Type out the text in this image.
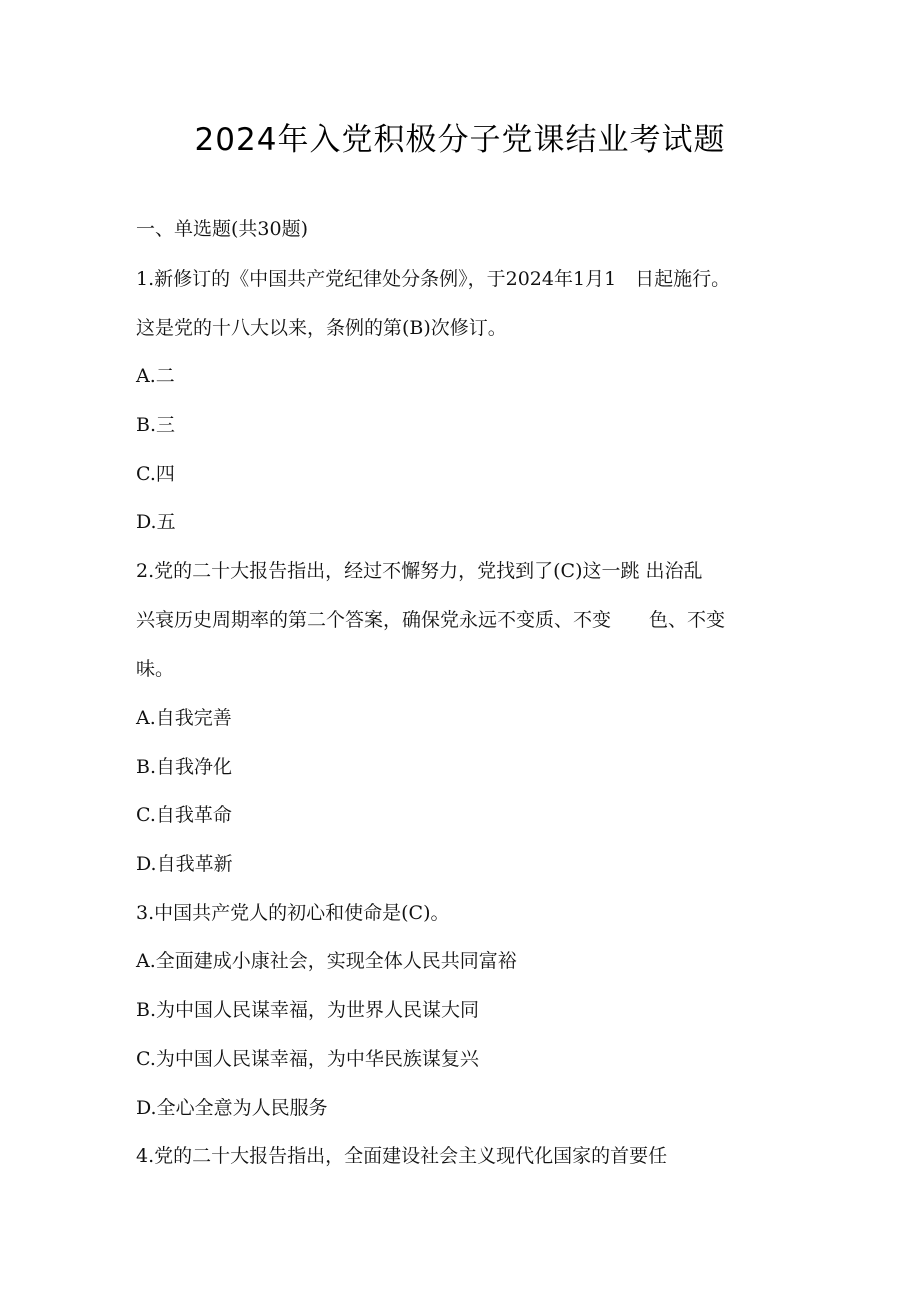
2024年入党积极分子党课结业考试题
一、单选题(共30题)
1.新修订的《中国共产党纪律处分条例》，于2024年1月1　日起施行。
这是党的十八大以来，条例的第(B)次修订。
A.二
B.三
C.四
D.五
2.党的二十大报告指出，经过不懈努力，党找到了(C)这一跳 出治乱
兴衰历史周期率的第二个答案，确保党永远不变质、不变　　色、不变
味。
A.自我完善
B.自我净化
C.自我革命
D.自我革新
3.中国共产党人的初心和使命是(C)。
A.全面建成小康社会，实现全体人民共同富裕
B.为中国人民谋幸福，为世界人民谋大同
C.为中国人民谋幸福，为中华民族谋复兴
D.全心全意为人民服务
4.党的二十大报告指出，全面建设社会主义现代化国家的首要任
